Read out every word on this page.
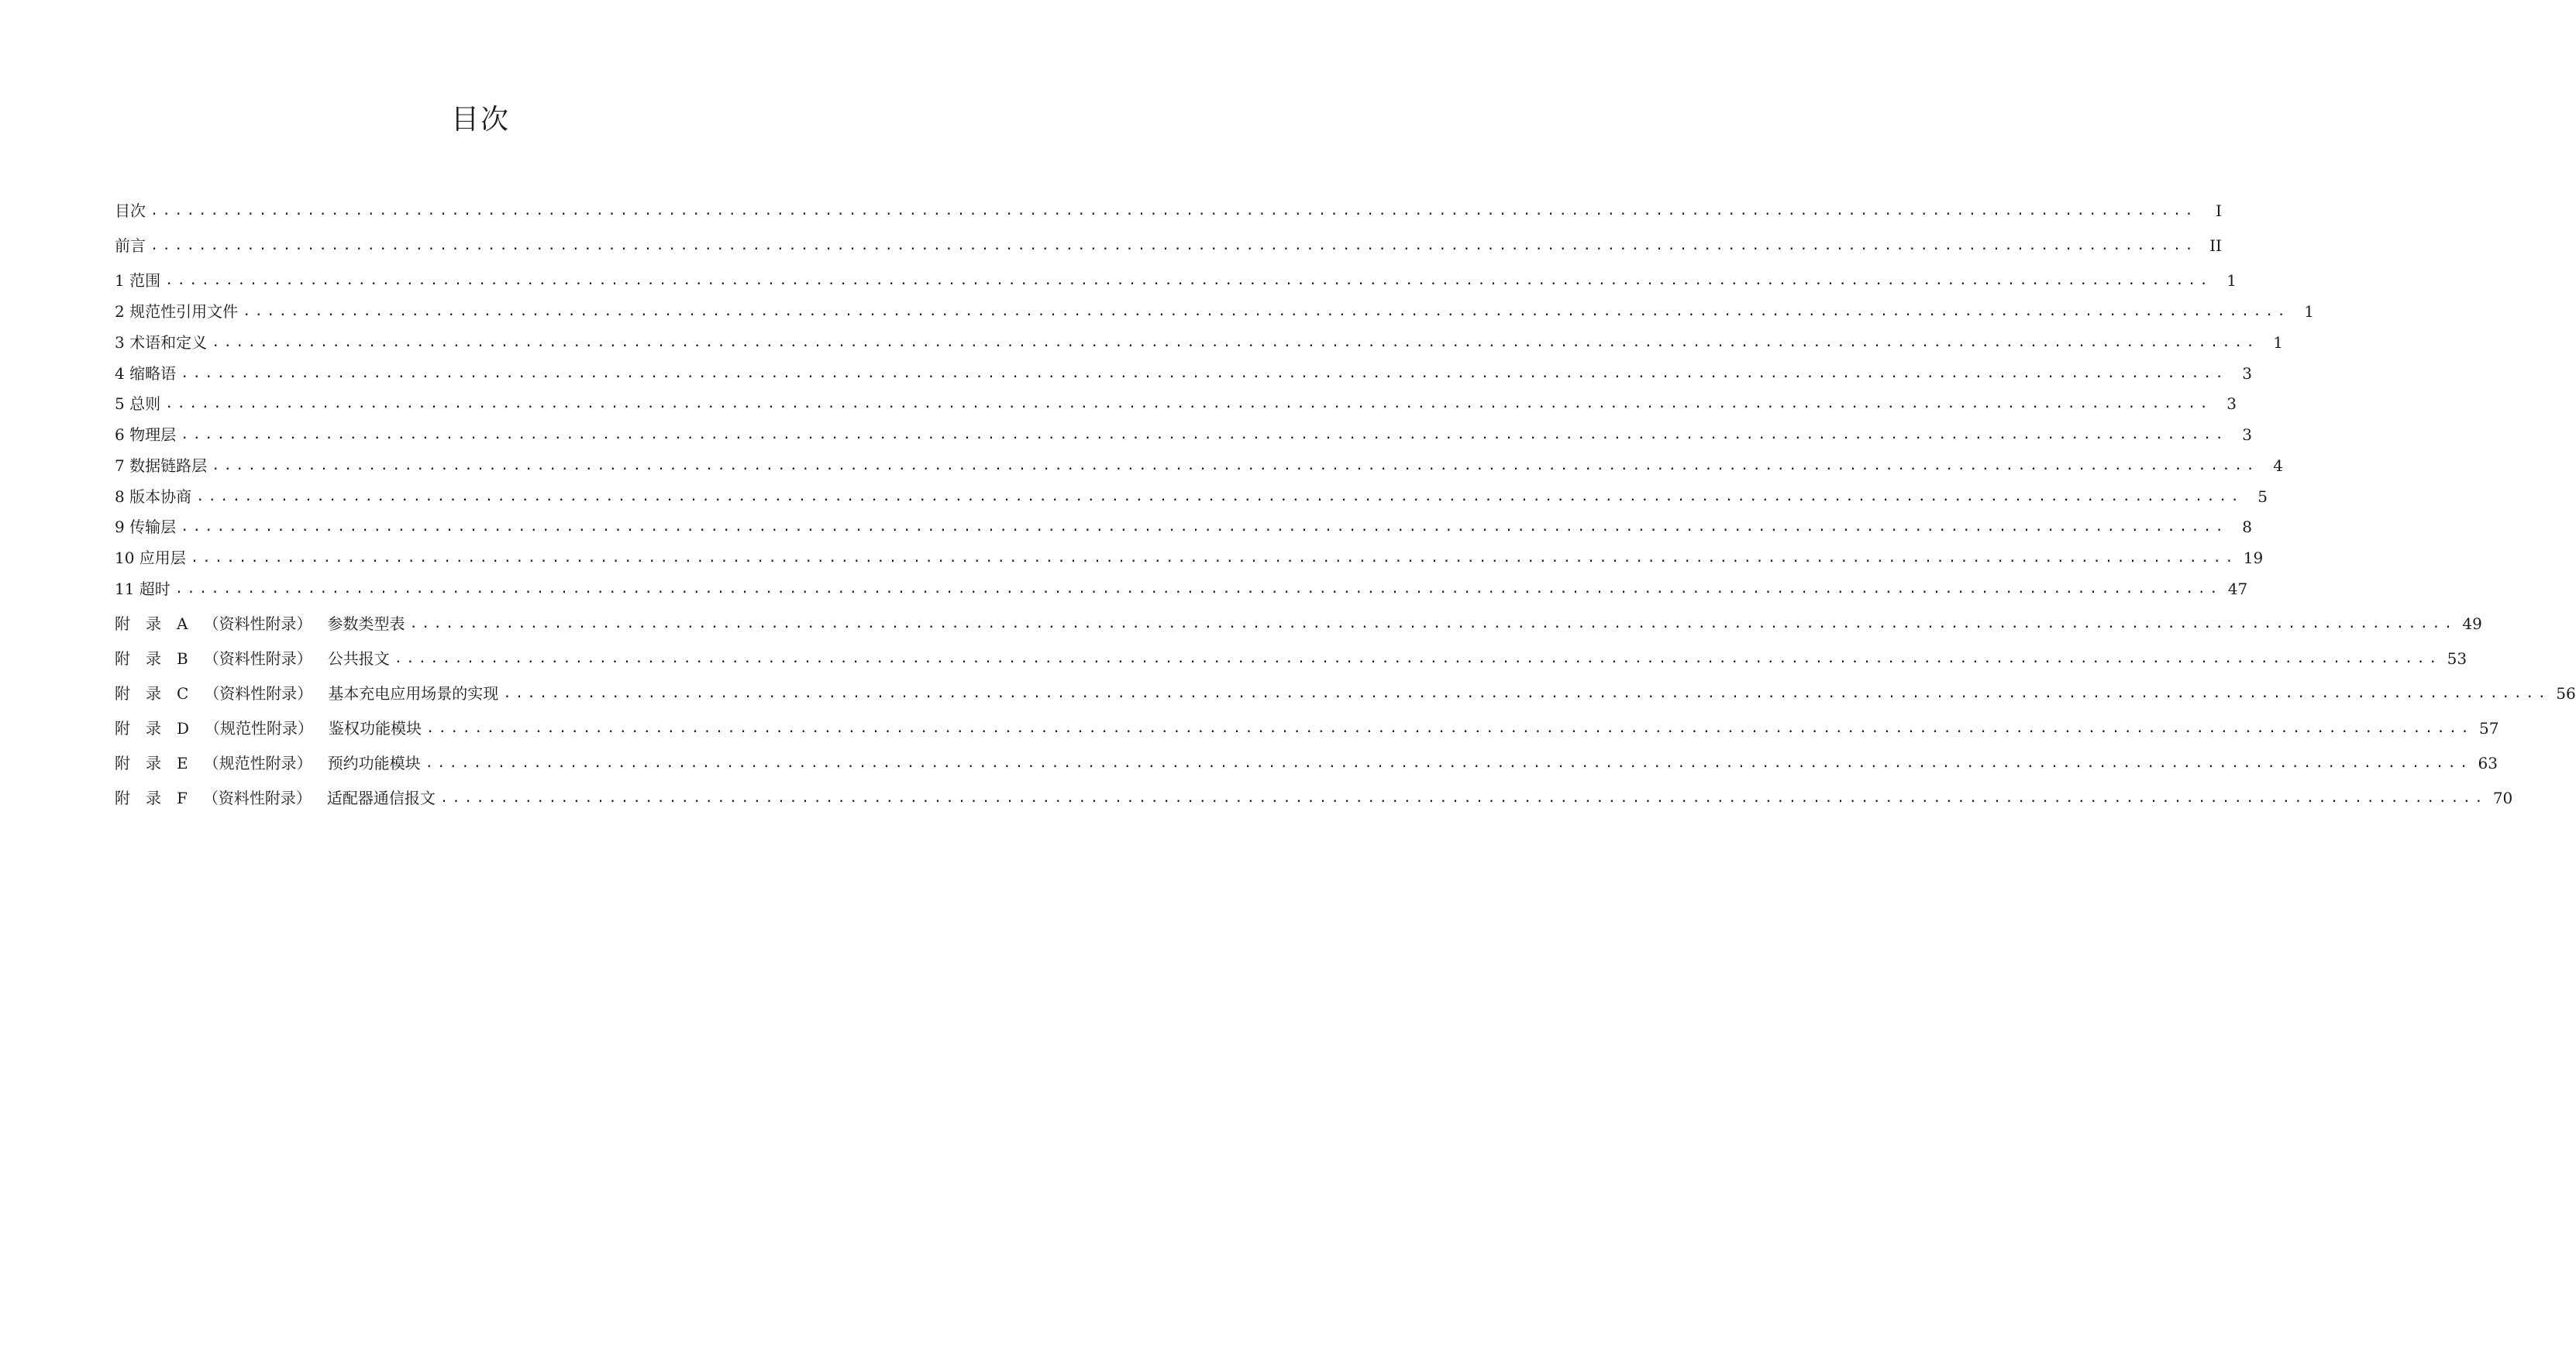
目次
目次 ..........................................................................................................................................................................	I
前言 .......................................................................................................................................................................... II
1 范围 .......................................................................................................................................................................... 1
2 规范性引用文件 .......................................................................................................................................................................... 1
3 术语和定义 .......................................................................................................................................................................... 1
4 缩略语 .......................................................................................................................................................................... 3
5 总则 .......................................................................................................................................................................... 3
6 物理层 .......................................................................................................................................................................... 3
7 数据链路层 .......................................................................................................................................................................... 4
8 版本协商 .......................................................................................................................................................................... 5
9 传输层 .......................................................................................................................................................................... 8
10 应用层 .......................................................................................................................................................................... 19
11 超时 .......................................................................................................................................................................... 47
附录A （资料性附录） 参数类型表 .......................................................................................................................................................................... 49
附录B （资料性附录） 公共报文 .......................................................................................................................................................................... 53
附录C （资料性附录） 基本充电应用场景的实现 .......................................................................................................................................................................... 56
附录D （规范性附录） 鉴权功能模块 .......................................................................................................................................................................... 57
附录E （规范性附录） 预约功能模块 .......................................................................................................................................................................... 63
附录F （资料性附录） 适配器通信报文 .......................................................................................................................................................................... 70
